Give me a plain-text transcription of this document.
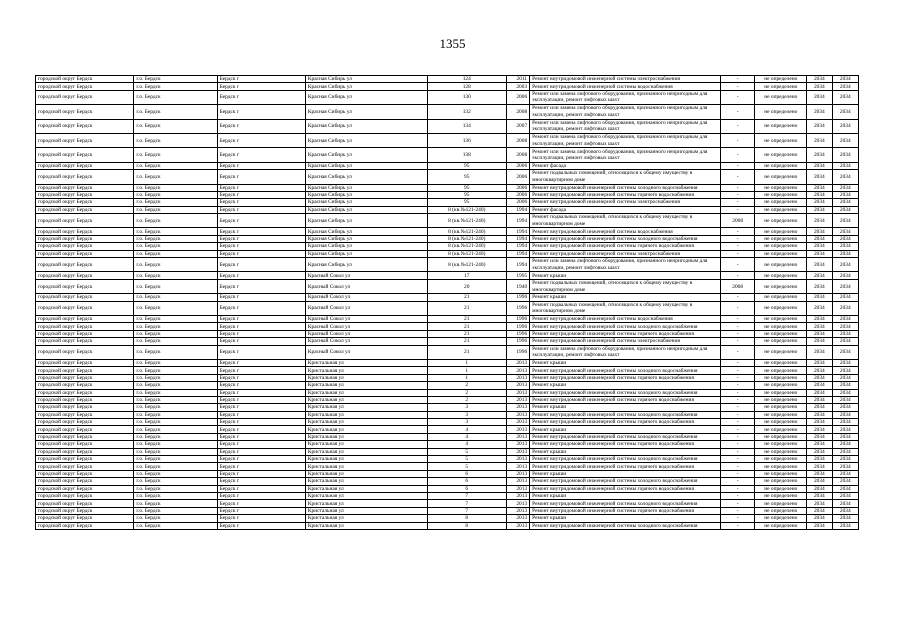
1355
городской округ Бердск	г.о. Бердск	Бердск г	Красная Сибирь ул	124	2011	Ремонт внутридомовой инженерной системы электроснабжения	-	не определено	2034	2034
городской округ Бердск	г.о. Бердск	Бердск г	Красная Сибирь ул	128	2003	Ремонт внутридомовой инженерной системы водоснабжения	-	не определено	2034	2034
городской округ Бердск	г.о. Бердск	Бердск г	Красная Сибирь ул	130	2006	Ремонт или замена лифтового оборудования, признанного непригодным для эксплуатации, ремонт лифтовых шахт	-	не определено	2034	2034
городской округ Бердск	г.о. Бердск	Бердск г	Красная Сибирь ул	132	2008	Ремонт или замена лифтового оборудования, признанного непригодным для эксплуатации, ремонт лифтовых шахт	-	не определено	2034	2034
городской округ Бердск	г.о. Бердск	Бердск г	Красная Сибирь ул	134	2007	Ремонт или замена лифтового оборудования, признанного непригодным для эксплуатации, ремонт лифтовых шахт	-	не определено	2034	2034
городской округ Бердск	г.о. Бердск	Бердск г	Красная Сибирь ул	136	2008	Ремонт или замена лифтового оборудования, признанного непригодным для эксплуатации, ремонт лифтовых шахт	-	не определено	2034	2034
городской округ Бердск	г.о. Бердск	Бердск г	Красная Сибирь ул	138	2008	Ремонт или замена лифтового оборудования, признанного непригодным для эксплуатации, ремонт лифтовых шахт	-	не определено	2034	2034
городской округ Бердск	г.о. Бердск	Бердск г	Красная Сибирь ул	95	2006	Ремонт фасада	-	не определено	2034	2034
городской округ Бердск	г.о. Бердск	Бердск г	Красная Сибирь ул	95	2006	Ремонт подвальных помещений, относящихся к общему имуществу в многоквартирном доме	-	не определено	2034	2034
городской округ Бердск	г.о. Бердск	Бердск г	Красная Сибирь ул	95	2006	Ремонт внутридомовой инженерной системы холодного водоснабжения	-	не определено	2034	2034
городской округ Бердск	г.о. Бердск	Бердск г	Красная Сибирь ул	95	2006	Ремонт внутридомовой инженерной системы горячего водоснабжения	-	не определено	2034	2034
городской округ Бердск	г.о. Бердск	Бердск г	Красная Сибирь ул	95	2006	Ремонт внутридомовой инженерной системы электроснабжения	-	не определено	2034	2034
городской округ Бердск	г.о. Бердск	Бердск г	Красная Сибирь ул	8 (кв.№121-240)	1994	Ремонт фасада	-	не определено	2034	2034
городской округ Бердск	г.о. Бердск	Бердск г	Красная Сибирь ул	8 (кв.№121-240)	1994	Ремонт подвальных помещений, относящихся к общему имуществу в многоквартирном доме	2008	не определено	2034	2034
городской округ Бердск	г.о. Бердск	Бердск г	Красная Сибирь ул	8 (кв.№121-240)	1994	Ремонт внутридомовой инженерной системы водоснабжения	-	не определено	2034	2034
городской округ Бердск	г.о. Бердск	Бердск г	Красная Сибирь ул	8 (кв.№121-240)	1994	Ремонт внутридомовой инженерной системы холодного водоснабжения	-	не определено	2034	2034
городской округ Бердск	г.о. Бердск	Бердск г	Красная Сибирь ул	8 (кв.№121-240)	1994	Ремонт внутридомовой инженерной системы горячего водоснабжения	-	не определено	2034	2034
городской округ Бердск	г.о. Бердск	Бердск г	Красная Сибирь ул	8 (кв.№121-240)	1994	Ремонт внутридомовой инженерной системы электроснабжения	-	не определено	2034	2034
городской округ Бердск	г.о. Бердск	Бердск г	Красная Сибирь ул	8 (кв.№121-240)	1994	Ремонт или замена лифтового оборудования, признанного непригодным для эксплуатации, ремонт лифтовых шахт	-	не определено	2034	2034
городской округ Бердск	г.о. Бердск	Бердск г	Красный Сокол ул	17	1995	Ремонт крыши	-	не определено	2034	2034
городской округ Бердск	г.о. Бердск	Бердск г	Красный Сокол ул	20	1940	Ремонт подвальных помещений, относящихся к общему имуществу в многоквартирном доме	2008	не определено	2034	2034
городской округ Бердск	г.о. Бердск	Бердск г	Красный Сокол ул	21	1996	Ремонт крыши	-	не определено	2034	2034
городской округ Бердск	г.о. Бердск	Бердск г	Красный Сокол ул	21	1996	Ремонт подвальных помещений, относящихся к общему имуществу в многоквартирном доме	-	не определено	2034	2034
городской округ Бердск	г.о. Бердск	Бердск г	Красный Сокол ул	21	1996	Ремонт внутридомовой инженерной системы водоснабжения	-	не определено	2034	2034
городской округ Бердск	г.о. Бердск	Бердск г	Красный Сокол ул	21	1996	Ремонт внутридомовой инженерной системы холодного водоснабжения	-	не определено	2034	2034
городской округ Бердск	г.о. Бердск	Бердск г	Красный Сокол ул	21	1996	Ремонт внутридомовой инженерной системы горячего водоснабжения	-	не определено	2034	2034
городской округ Бердск	г.о. Бердск	Бердск г	Красный Сокол ул	21	1996	Ремонт внутридомовой инженерной системы электроснабжения	-	не определено	2034	2034
городской округ Бердск	г.о. Бердск	Бердск г	Красный Сокол ул	21	1996	Ремонт или замена лифтового оборудования, признанного непригодным для эксплуатации, ремонт лифтовых шахт	-	не определено	2034	2034
городской округ Бердск	г.о. Бердск	Бердск г	Кристальная ул	1	2013	Ремонт крыши	-	не определено	2034	2034
городской округ Бердск	г.о. Бердск	Бердск г	Кристальная ул	1	2013	Ремонт внутридомовой инженерной системы холодного водоснабжения	-	не определено	2034	2034
городской округ Бердск	г.о. Бердск	Бердск г	Кристальная ул	1	2013	Ремонт внутридомовой инженерной системы горячего водоснабжения	-	не определено	2034	2034
городской округ Бердск	г.о. Бердск	Бердск г	Кристальная ул	2	2013	Ремонт крыши	-	не определено	2034	2034
городской округ Бердск	г.о. Бердск	Бердск г	Кристальная ул	2	2013	Ремонт внутридомовой инженерной системы холодного водоснабжения	-	не определено	2034	2034
городской округ Бердск	г.о. Бердск	Бердск г	Кристальная ул	2	2013	Ремонт внутридомовой инженерной системы горячего водоснабжения	-	не определено	2034	2034
городской округ Бердск	г.о. Бердск	Бердск г	Кристальная ул	3	2013	Ремонт крыши	-	не определено	2034	2034
городской округ Бердск	г.о. Бердск	Бердск г	Кристальная ул	3	2013	Ремонт внутридомовой инженерной системы холодного водоснабжения	-	не определено	2034	2034
городской округ Бердск	г.о. Бердск	Бердск г	Кристальная ул	3	2013	Ремонт внутридомовой инженерной системы горячего водоснабжения	-	не определено	2034	2034
городской округ Бердск	г.о. Бердск	Бердск г	Кристальная ул	4	2013	Ремонт крыши	-	не определено	2034	2034
городской округ Бердск	г.о. Бердск	Бердск г	Кристальная ул	4	2013	Ремонт внутридомовой инженерной системы холодного водоснабжения	-	не определено	2034	2034
городской округ Бердск	г.о. Бердск	Бердск г	Кристальная ул	4	2013	Ремонт внутридомовой инженерной системы горячего водоснабжения	-	не определено	2034	2034
городской округ Бердск	г.о. Бердск	Бердск г	Кристальная ул	5	2013	Ремонт крыши	-	не определено	2034	2034
городской округ Бердск	г.о. Бердск	Бердск г	Кристальная ул	5	2013	Ремонт внутридомовой инженерной системы холодного водоснабжения	-	не определено	2034	2034
городской округ Бердск	г.о. Бердск	Бердск г	Кристальная ул	5	2013	Ремонт внутридомовой инженерной системы горячего водоснабжения	-	не определено	2034	2034
городской округ Бердск	г.о. Бердск	Бердск г	Кристальная ул	6	2013	Ремонт крыши	-	не определено	2034	2034
городской округ Бердск	г.о. Бердск	Бердск г	Кристальная ул	6	2013	Ремонт внутридомовой инженерной системы холодного водоснабжения	-	не определено	2034	2034
городской округ Бердск	г.о. Бердск	Бердск г	Кристальная ул	6	2013	Ремонт внутридомовой инженерной системы горячего водоснабжения	-	не определено	2034	2034
городской округ Бердск	г.о. Бердск	Бердск г	Кристальная ул	7	2013	Ремонт крыши	-	не определено	2034	2034
городской округ Бердск	г.о. Бердск	Бердск г	Кристальная ул	7	2013	Ремонт внутридомовой инженерной системы холодного водоснабжения	-	не определено	2034	2034
городской округ Бердск	г.о. Бердск	Бердск г	Кристальная ул	7	2013	Ремонт внутридомовой инженерной системы горячего водоснабжения	-	не определено	2034	2034
городской округ Бердск	г.о. Бердск	Бердск г	Кристальная ул	8	2013	Ремонт крыши	-	не определено	2034	2034
городской округ Бердск	г.о. Бердск	Бердск г	Кристальная ул	8	2013	Ремонт внутридомовой инженерной системы холодного водоснабжения	-	не определено	2034	2034
